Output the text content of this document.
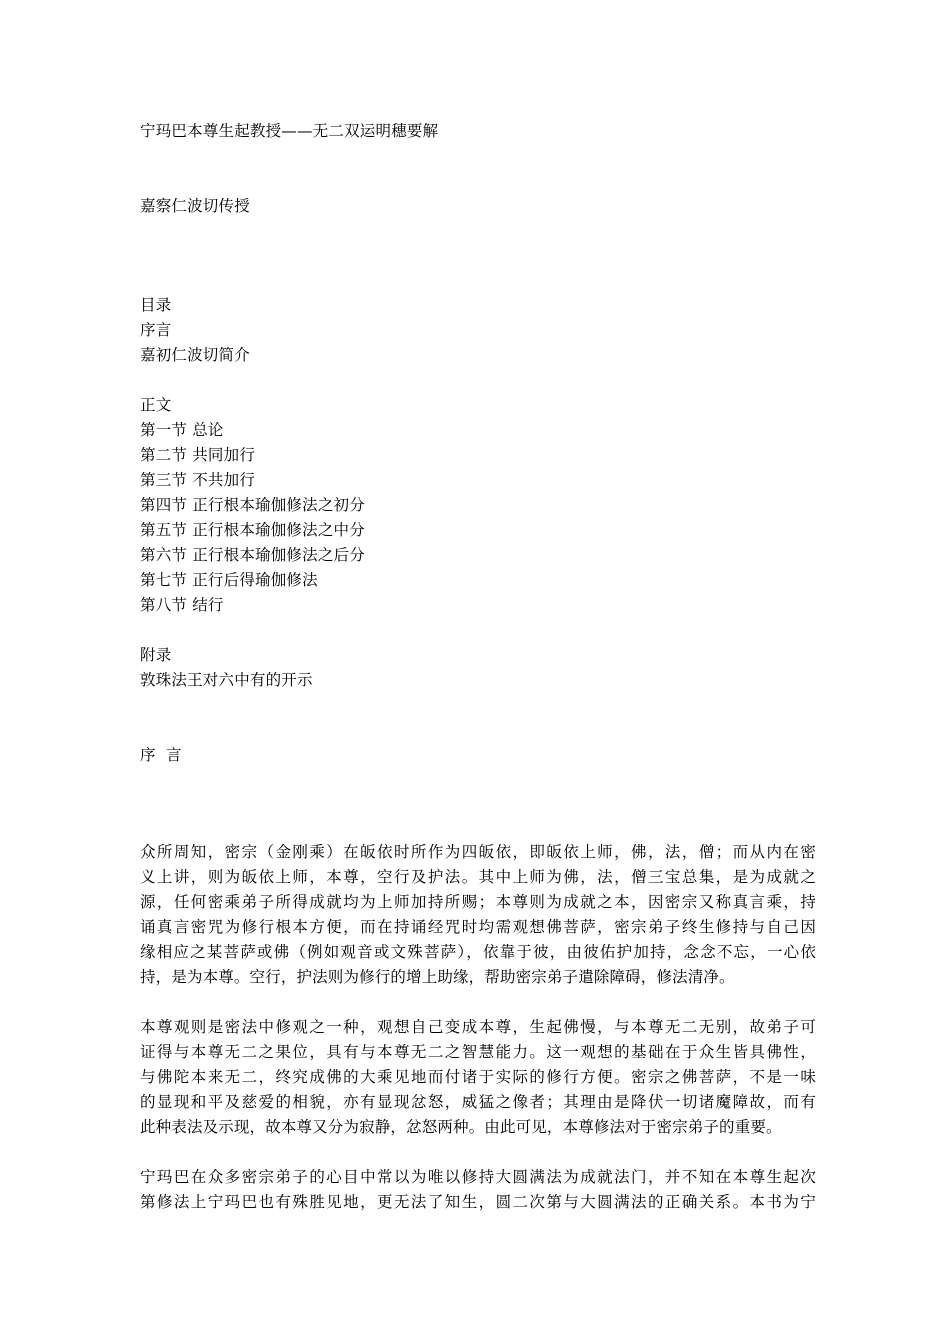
宁玛巴本尊生起教授——无二双运明穗要解
嘉察仁波切传授
目录
序言
嘉初仁波切简介
正文
第一节 总论
第二节 共同加行
第三节 不共加行
第四节 正行根本瑜伽修法之初分
第五节 正行根本瑜伽修法之中分
第六节 正行根本瑜伽修法之后分
第七节 正行后得瑜伽修法
第八节 结行
附录
敦珠法王对六中有的开示
序  言
众所周知，密宗（金刚乘）在皈依时所作为四皈依，即皈依上师，佛，法，僧；而从内在密
义上讲，则为皈依上师，本尊，空行及护法。其中上师为佛，法，僧三宝总集，是为成就之
源，任何密乘弟子所得成就均为上师加持所赐；本尊则为成就之本，因密宗又称真言乘，持
诵真言密咒为修行根本方便，而在持诵经咒时均需观想佛菩萨，密宗弟子终生修持与自己因
缘相应之某菩萨或佛（例如观音或文殊菩萨），依靠于彼，由彼佑护加持，念念不忘，一心依
持，是为本尊。空行，护法则为修行的增上助缘，帮助密宗弟子遣除障碍，修法清净。
本尊观则是密法中修观之一种，观想自己变成本尊，生起佛慢，与本尊无二无别，故弟子可
证得与本尊无二之果位，具有与本尊无二之智慧能力。这一观想的基础在于众生皆具佛性，
与佛陀本来无二，终究成佛的大乘见地而付诸于实际的修行方便。密宗之佛菩萨，不是一味
的显现和平及慈爱的相貌，亦有显现忿怒，威猛之像者；其理由是降伏一切诸魔障故，而有
此种表法及示现，故本尊又分为寂静，忿怒两种。由此可见，本尊修法对于密宗弟子的重要。
宁玛巴在众多密宗弟子的心目中常以为唯以修持大圆满法为成就法门，并不知在本尊生起次
第修法上宁玛巴也有殊胜见地，更无法了知生，圆二次第与大圆满法的正确关系。本书为宁
